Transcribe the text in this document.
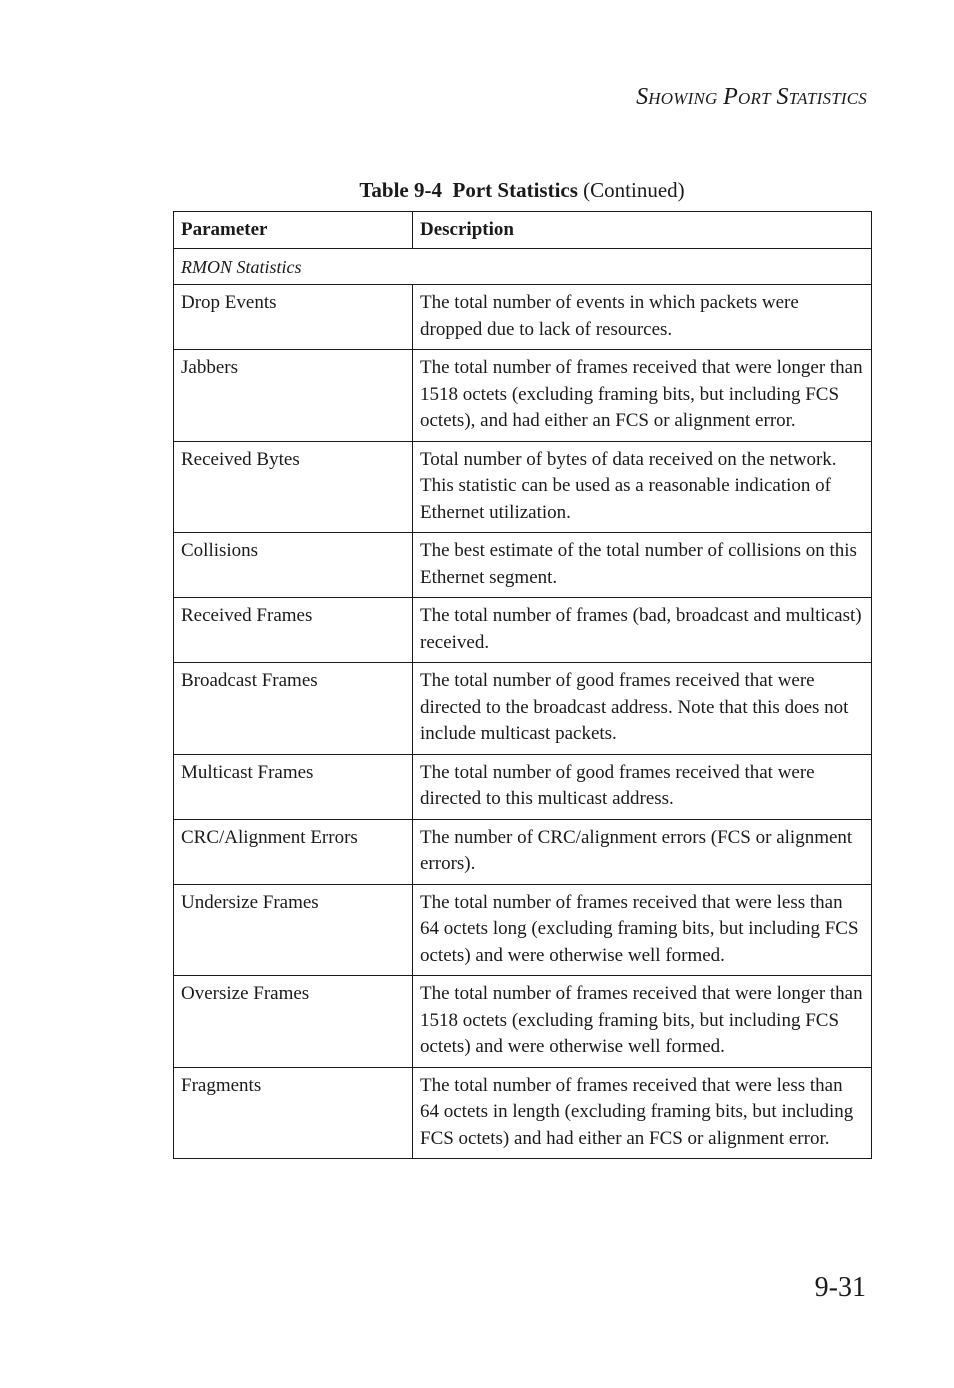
SHOWING PORT STATISTICS
Table 9-4 Port Statistics (Continued)
Parameter	Description
RMON Statistics	
Drop Events	The total number of events in which packets were dropped due to lack of resources.
Jabbers	The total number of frames received that were longer than 1518 octets (excluding framing bits, but including FCS octets), and had either an FCS or alignment error.
Received Bytes	Total number of bytes of data received on the network. This statistic can be used as a reasonable indication of Ethernet utilization.
Collisions	The best estimate of the total number of collisions on this Ethernet segment.
Received Frames	The total number of frames (bad, broadcast and multicast) received.
Broadcast Frames	The total number of good frames received that were directed to the broadcast address. Note that this does not include multicast packets.
Multicast Frames	The total number of good frames received that were directed to this multicast address.
CRC/Alignment Errors	The number of CRC/alignment errors (FCS or alignment errors).
Undersize Frames	The total number of frames received that were less than 64 octets long (excluding framing bits, but including FCS octets) and were otherwise well formed.
Oversize Frames	The total number of frames received that were longer than 1518 octets (excluding framing bits, but including FCS octets) and were otherwise well formed.
Fragments	The total number of frames received that were less than 64 octets in length (excluding framing bits, but including FCS octets) and had either an FCS or alignment error.
9-31
